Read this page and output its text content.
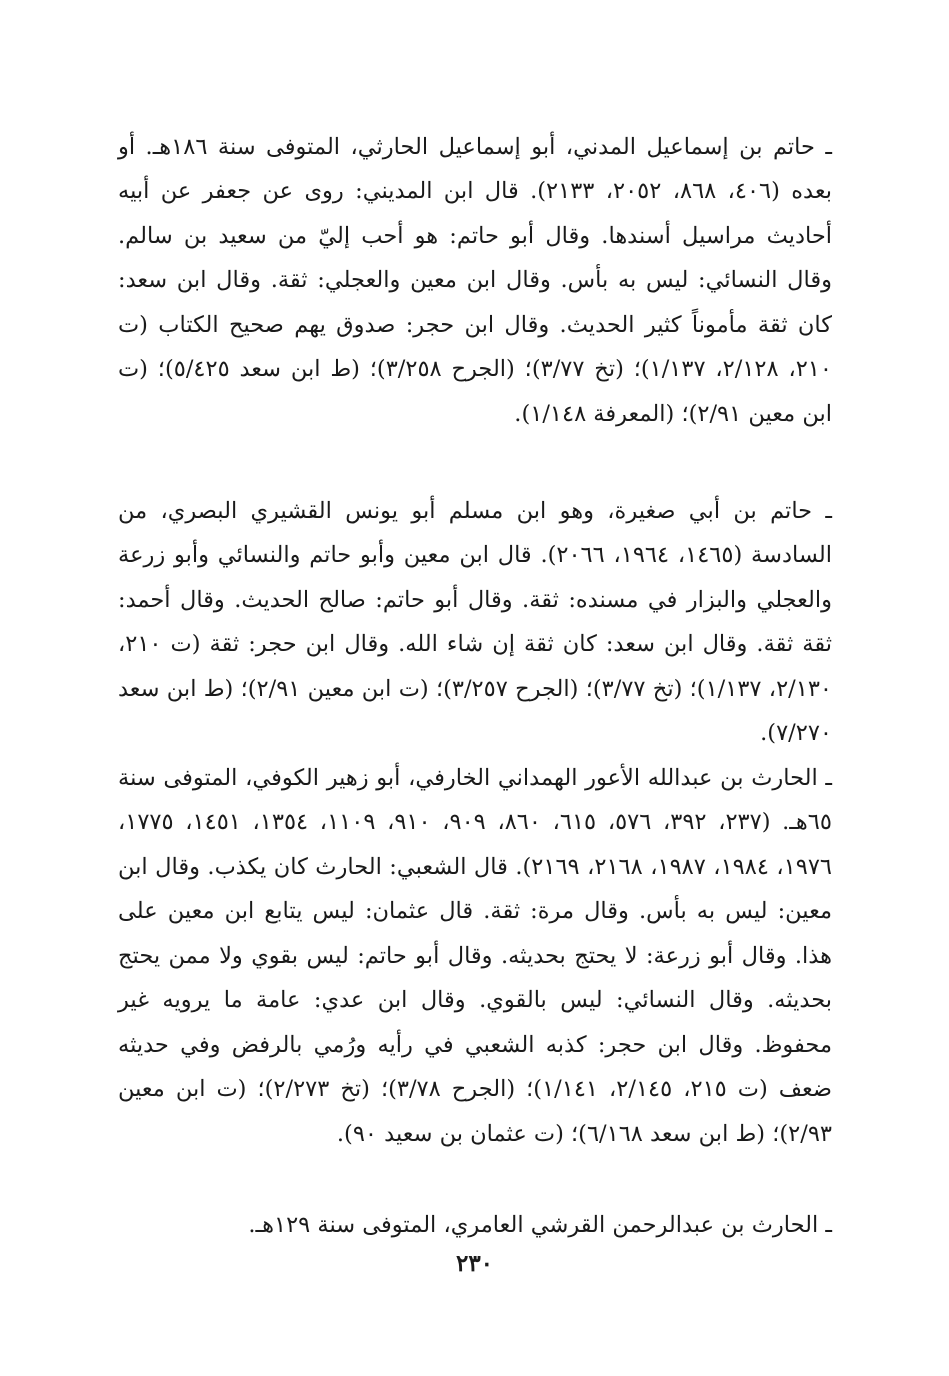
ـ حاتم بن إسماعيل المدني، أبو إسماعيل الحارثي، المتوفى سنة ١٨٦هـ. أو بعده (٤٠٦، ٨٦٨، ٢٠٥٢، ٢١٣٣). قال ابن المديني: روى عن جعفر عن أبيه أحاديث مراسيل أسندها. وقال أبو حاتم: هو أحب إليّ من سعيد بن سالم. وقال النسائي: ليس به بأس. وقال ابن معين والعجلي: ثقة. وقال ابن سعد: كان ثقة مأموناً كثير الحديث. وقال ابن حجر: صدوق يهم صحيح الكتاب (ت ٢١٠، ٢/١٢٨، ١/١٣٧)؛ (تخ ٣/٧٧)؛ (الجرح ٣/٢٥٨)؛ (ط ابن سعد ٥/٤٢٥)؛ (ت ابن معين ٢/٩١)؛ (المعرفة ١/١٤٨).

ـ حاتم بن أبي صغيرة، وهو ابن مسلم أبو يونس القشيري البصري، من السادسة (١٤٦٥، ١٩٦٤، ٢٠٦٦). قال ابن معين وأبو حاتم والنسائي وأبو زرعة والعجلي والبزار في مسنده: ثقة. وقال أبو حاتم: صالح الحديث. وقال أحمد: ثقة ثقة. وقال ابن سعد: كان ثقة إن شاء الله. وقال ابن حجر: ثقة (ت ٢١٠، ٢/١٣٠، ١/١٣٧)؛ (تخ ٣/٧٧)؛ (الجرح ٣/٢٥٧)؛ (ت ابن معين ٢/٩١)؛ (ط ابن سعد ٧/٢٧٠).

ـ الحارث بن عبدالله الأعور الهمداني الخارفي، أبو زهير الكوفي، المتوفى سنة ٦٥هـ. (٢٣٧، ٣٩٢، ٥٧٦، ٦١٥، ٨٦٠، ٩٠٩، ٩١٠، ١١٠٩، ١٣٥٤، ١٤٥١، ١٧٧٥، ١٩٧٦، ١٩٨٤، ١٩٨٧، ٢١٦٨، ٢١٦٩). قال الشعبي: الحارث كان يكذب. وقال ابن معين: ليس به بأس. وقال مرة: ثقة. قال عثمان: ليس يتابع ابن معين على هذا. وقال أبو زرعة: لا يحتج بحديثه. وقال أبو حاتم: ليس بقوي ولا ممن يحتج بحديثه. وقال النسائي: ليس بالقوي. وقال ابن عدي: عامة ما يرويه غير محفوظ. وقال ابن حجر: كذبه الشعبي في رأيه ورُمي بالرفض وفي حديثه ضعف (ت ٢١٥، ٢/١٤٥، ١/١٤١)؛ (الجرح ٣/٧٨)؛ (تخ ٢/٢٧٣)؛ (ت ابن معين ٢/٩٣)؛ (ط ابن سعد ٦/١٦٨)؛ (ت عثمان بن سعيد ٩٠).

ـ الحارث بن عبدالرحمن القرشي العامري، المتوفى سنة ١٢٩هـ.

٢٣٠
